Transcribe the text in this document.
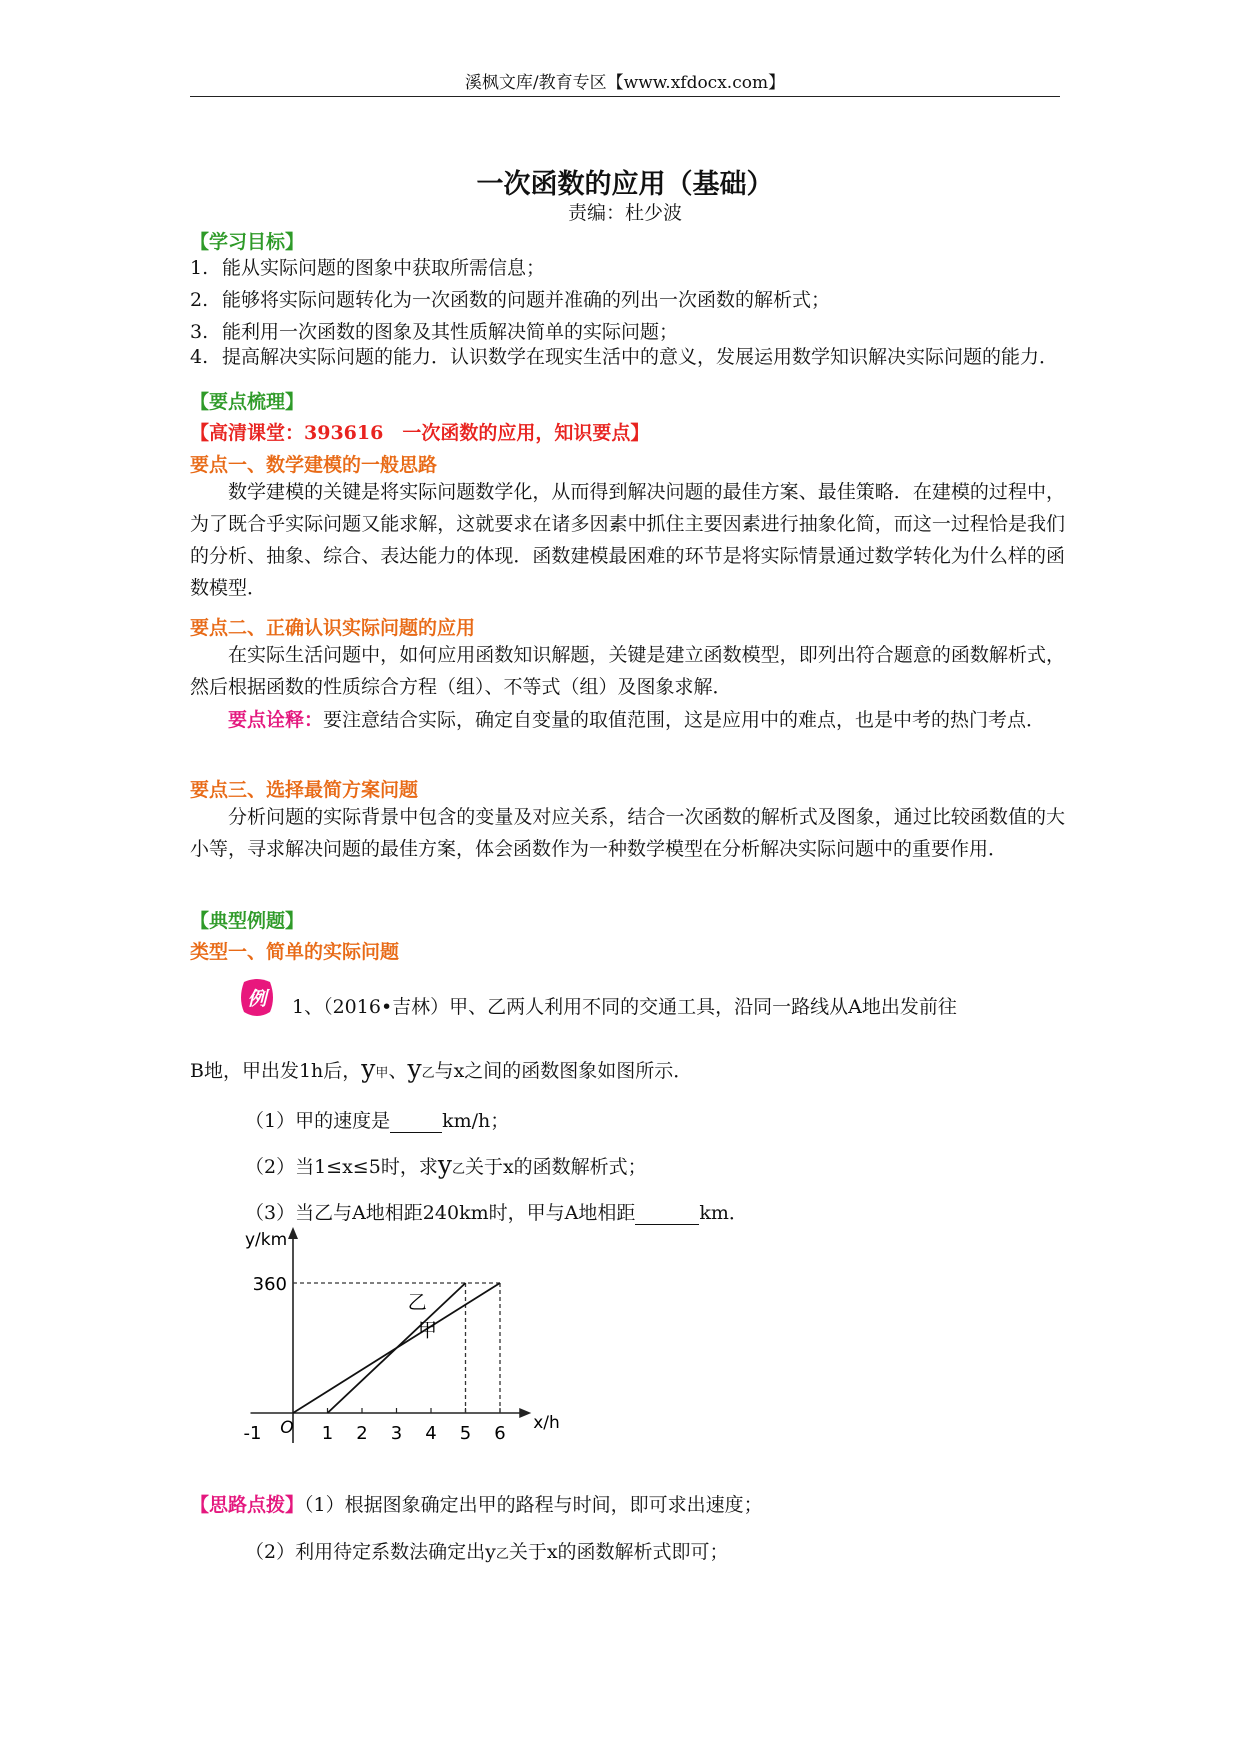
溪枫文库/教育专区【www.xfdocx.com】
一次函数的应用（基础）
责编：杜少波
【学习目标】
1. 能从实际问题的图象中获取所需信息；
2. 能够将实际问题转化为一次函数的问题并准确的列出一次函数的解析式；
3. 能利用一次函数的图象及其性质解决简单的实际问题；
4. 提高解决实际问题的能力．认识数学在现实生活中的意义，发展运用数学知识解决实际问题的能力．
【要点梳理】
【高清课堂：393616　一次函数的应用，知识要点】
要点一、数学建模的一般思路
数学建模的关键是将实际问题数学化，从而得到解决问题的最佳方案、最佳策略．在建模的过程中，为了既合乎实际问题又能求解，这就要求在诸多因素中抓住主要因素进行抽象化简，而这一过程恰是我们的分析、抽象、综合、表达能力的体现．函数建模最困难的环节是将实际情景通过数学转化为什么样的函数模型．
要点二、正确认识实际问题的应用
在实际生活问题中，如何应用函数知识解题，关键是建立函数模型，即列出符合题意的函数解析式，然后根据函数的性质综合方程（组）、不等式（组）及图象求解．
要点诠释：要注意结合实际，确定自变量的取值范围，这是应用中的难点，也是中考的热门考点．
要点三、选择最简方案问题
分析问题的实际背景中包含的变量及对应关系，结合一次函数的解析式及图象，通过比较函数值的大小等，寻求解决问题的最佳方案，体会函数作为一种数学模型在分析解决实际问题中的重要作用．
【典型例题】
类型一、简单的实际问题
例 1、（2016•吉林）甲、乙两人利用不同的交通工具，沿同一路线从A地出发前往
B地，甲出发1h后，y甲、y乙与x之间的函数图象如图所示．
（1）甲的速度是	km/h；
（2）当1≤x≤5时，求y乙关于x的函数解析式；
（3）当乙与A地相距240km时，甲与A地相距	km．
y/km
x/h
O
-1	1 2 3 4 5 6
360
甲
乙
【思路点拨】（1）根据图象确定出甲的路程与时间，即可求出速度；
（2）利用待定系数法确定出y乙关于x的函数解析式即可；
